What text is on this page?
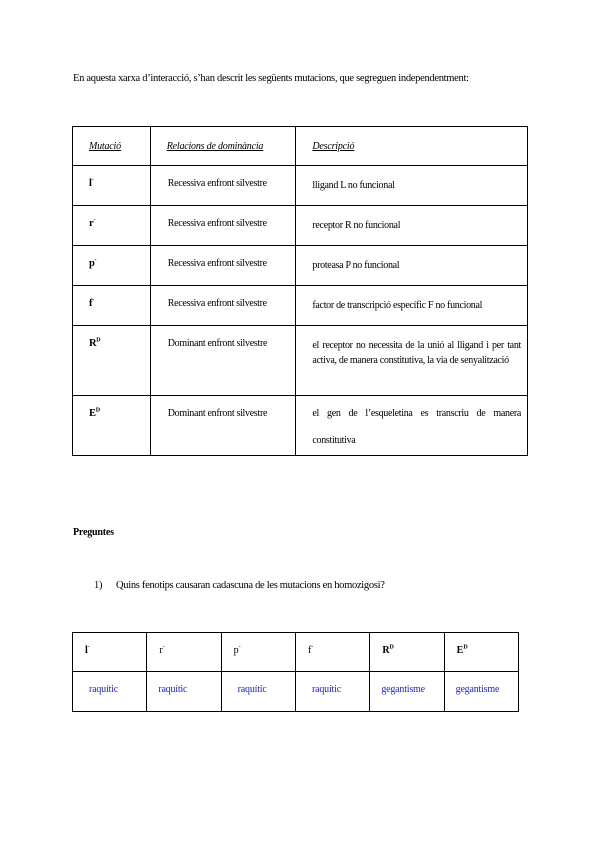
En aquesta xarxa d’interacció, s’han descrit les següents mutacions, que segreguen independentment:
Mutació	Relacions de dominància	Descripció
l-	Recessiva enfront silvestre	lligand L no funcional
r-	Recessiva enfront silvestre	receptor R no funcional
p-	Recessiva enfront silvestre	proteasa P no funcional
f-	Recessiva enfront silvestre	factor de transcripció específic F no funcional
$R^D$	Dominant enfront silvestre	el receptor no necessita de la unió al lligand i per tant activa, de manera constitutiva, la via de senyalització
$E^D$	Dominant enfront silvestre	el gen de l’esqueletina es transcriu de manera constitutiva
Preguntes
1) Quins fenotips causaran cadascuna de les mutacions en homozigosi?
l-	r-	p-	f-	$R^D$	$E^D$
raquític	raquític	raquític	raquític	gegantisme	gegantisme
